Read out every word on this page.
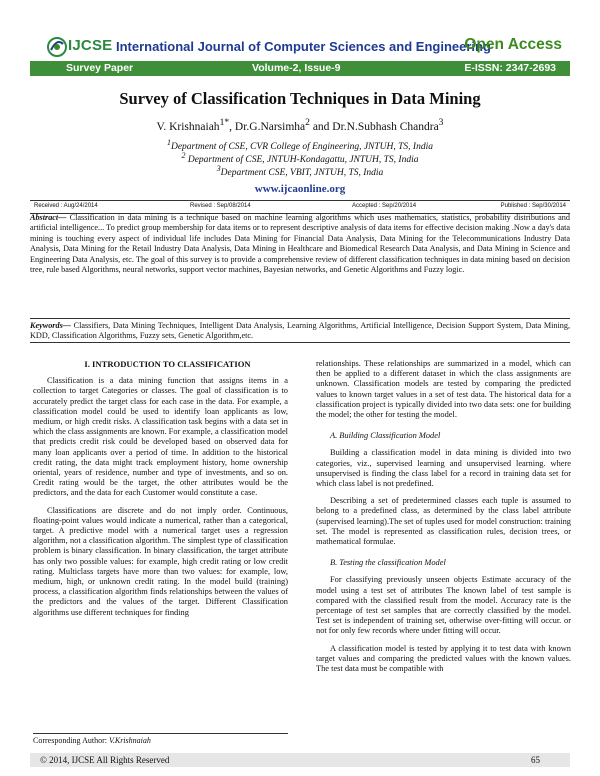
IJCSE International Journal of Computer Sciences and Engineering
Open Access
Survey Paper	Volume-2, Issue-9	E-ISSN: 2347-2693
Survey of Classification Techniques in Data Mining
V. Krishnaiah$^{1*}$, Dr.G.Narsimha$^2$ and Dr.N.Subhash Chandra$^3$
$^1$Department of CSE, CVR College of Engineering, JNTUH, TS, India
$^2$ Department of CSE, JNTUH-Kondagattu, JNTUH, TS, India
$^3$Department CSE, VBIT, JNTUH, TS, India
www.ijcaonline.org
Received : Aug/24/2014	Revised : Sep/08/2014	Accepted : Sep/20/2014	Published : Sep/30/2014
Abstract— Classification in data mining is a technique based on machine learning algorithms which uses mathematics, statistics, probability distributions and artificial intelligence... To predict group membership for data items or to represent descriptive analysis of data items for effective decision making .Now a day's data mining is touching every aspect of individual life includes Data Mining for Financial Data Analysis, Data Mining for the Telecommunications Industry Data Analysis, Data Mining for the Retail Industry Data Analysis, Data Mining in Healthcare and Biomedical Research Data Analysis, and Data Mining in Science and Engineering Data Analysis, etc. The goal of this survey is to provide a comprehensive review of different classification techniques in data mining based on decision tree, rule based Algorithms, neural networks, support vector machines, Bayesian networks, and Genetic Algorithms and Fuzzy logic.
Keywords— Classifiers, Data Mining Techniques, Intelligent Data Analysis, Learning Algorithms, Artificial Intelligence, Decision Support System, Data Mining, KDD, Classification Algorithms, Fuzzy sets, Genetic Algorithm,etc.

I. INTRODUCTION TO CLASSIFICATION

Classification is a data mining function that assigns items in a collection to target Categories or classes. The goal of classification is to accurately predict the target class for each case in the data. For example, a classification model could be used to identify loan applicants as low, medium, or high credit risks. A classification task begins with a data set in which the class assignments are known. For example, a classification model that predicts credit risk could be developed based on observed data for many loan applicants over a period of time. In addition to the historical credit rating, the data might track employment history, home ownership oriental, years of residence, number and type of investments, and so on. Credit rating would be the target, the other attributes would be the predictors, and the data for each Customer would constitute a case.

Classifications are discrete and do not imply order. Continuous, floating-point values would indicate a numerical, rather than a categorical, target. A predictive model with a numerical target uses a regression algorithm, not a classification algorithm. The simplest type of classification problem is binary classification. In binary classification, the target attribute has only two possible values: for example, high credit rating or low credit rating. Multiclass targets have more than two values: for example, low, medium, high, or unknown credit rating. In the model build (training) process, a classification algorithm finds relationships between the values of the predictors and the values of the target. Different Classification algorithms use different techniques for finding

relationships. These relationships are summarized in a model, which can then be applied to a different dataset in which the class assignments are unknown. Classification models are tested by comparing the predicted values to known target values in a set of test data. The historical data for a classification project is typically divided into two data sets: one for building the model; the other for testing the model.

A. Building Classification Model

Building a classification model in data mining is divided into two categories, viz., supervised learning and unsupervised learning. where unsupervised is finding the class label for a record in training data set for which class label is not predefined.

Describing a set of predetermined classes each tuple is assumed to belong to a predefined class, as determined by the class label attribute (supervised learning).The set of tuples used for model construction: training set. The model is represented as classification rules, decision trees, or mathematical formulae.

B. Testing the classification Model

For classifying previously unseen objects Estimate accuracy of the model using a test set of attributes The known label of test sample is compared with the classified result from the model. Accuracy rate is the percentage of test set samples that are correctly classified by the model. Test set is independent of training set, otherwise over-fitting will occur. or not for only few records where under fitting will occur.

A classification model is tested by applying it to test data with known target values and comparing the predicted values with the known values. The test data must be compatible with

Corresponding Author: V.Krishnaiah
© 2014, IJCSE All Rights Reserved	65
